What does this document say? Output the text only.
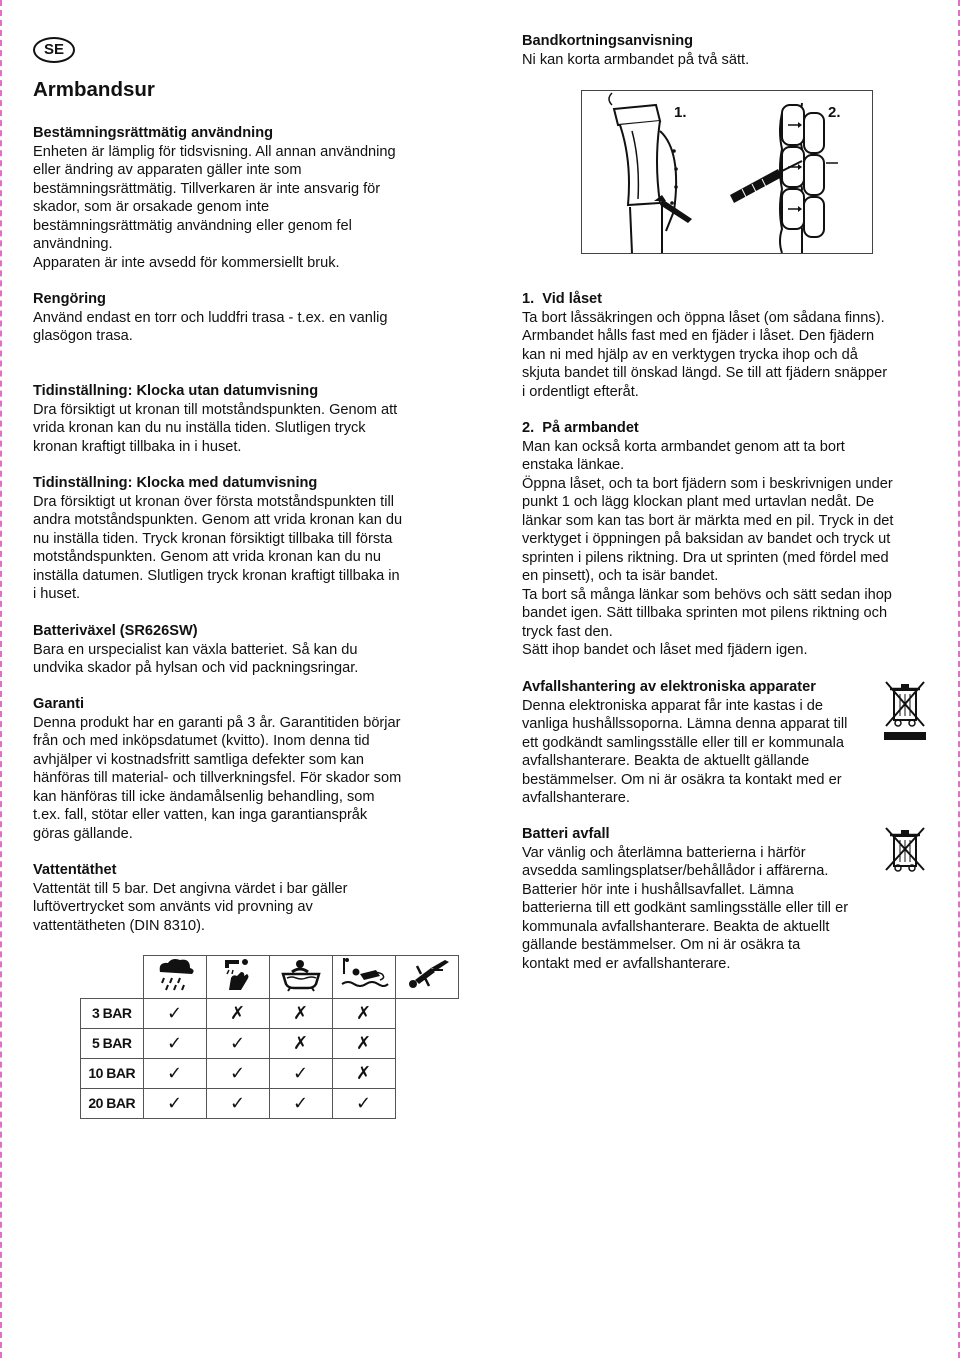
SE
Armbandsur
Bestämningsrättmätig användning

Enheten är lämplig för tidsvisning. All annan användning

eller ändring av apparaten gäller inte som

bestämningsrättmätig. Tillverkaren är inte ansvarig för

skador, som är orsakade genom inte

bestämningsrättmätig användning eller genom fel

användning.

Apparaten är inte avsedd för kommersiellt bruk.

Rengöring

Använd endast en torr och luddfri trasa - t.ex. en vanlig

glasögon trasa.

Tidinställning: Klocka utan datumvisning

Dra försiktigt ut kronan till motståndspunkten. Genom att

vrida kronan kan du nu inställa tiden. Slutligen tryck

kronan kraftigt tillbaka in i huset.

Tidinställning: Klocka med datumvisning

Dra försiktigt ut kronan över första motståndspunkten till

andra motståndspunkten. Genom att vrida kronan kan du

nu inställa tiden. Tryck kronan försiktigt tillbaka till första

motståndspunkten. Genom att vrida kronan kan du nu

inställa datumen. Slutligen tryck kronan kraftigt tillbaka in

i huset.

Batteriväxel (SR626SW)

Bara en urspecialist kan växla batteriet. Så kan du

undvika skador på hylsan och vid packningsringar.

Garanti

Denna produkt har en garanti på 3 år. Garantitiden börjar

från och med inköpsdatumet (kvitto). Inom denna tid

avhjälper vi kostnadsfritt samtliga defekter som kan

hänföras till material- och tillverkningsfel. För skador som

kan hänföras till icke ändamålsenlig behandling, som

t.ex. fall, stötar eller vatten, kan inga garantianspråk

göras gällande.

Vattentäthet

Vattentät till 5 bar. Det angivna värdet i bar gäller

luftövertrycket som använts vid provning av

vattentätheten (DIN 8310).

3 BAR	✓	✗	✗	✗	
5 BAR	✓	✓	✗	✗	
10 BAR	✓	✓	✓	✗	
20 BAR	✓	✓	✓	✓	
Bandkortningsanvisning

Ni kan korta armbandet på två sätt.

1.	2.
1.  Vid låset

Ta bort låssäkringen och öppna låset (om sådana finns).

Armbandet hålls fast med en fjäder i låset. Den fjädern

kan ni med hjälp av en verktygen trycka ihop och då

skjuta bandet till önskad längd. Se till att fjädern snäpper

i ordentligt efteråt.

2.  På armbandet

Man kan också korta armbandet genom att ta bort

enstaka länkae.

Öppna låset, och ta bort fjädern som i beskrivnigen under

punkt 1 och lägg klockan plant med urtavlan nedåt. De

länkar som kan tas bort är märkta med en pil. Tryck in det

verktyget i öppningen på baksidan av bandet och tryck ut

sprinten i pilens riktning. Dra ut sprinten (med fördel med

en pinsett), och ta isär bandet.

Ta bort så många länkar som behövs och sätt sedan ihop

bandet igen. Sätt tillbaka sprinten mot pilens riktning och

tryck fast den.

Sätt ihop bandet och låset med fjädern igen.

Avfallshantering av elektroniska apparater

Denna elektroniska apparat får inte kastas i de

vanliga hushållssoporna. Lämna denna apparat till

ett godkändt samlingsställe eller till er kommunala

avfallshanterare. Beakta de aktuellt gällande

bestämmelser. Om ni är osäkra ta kontakt med er

avfallshanterare.

Batteri avfall

Var vänlig och återlämna batterierna i härför

avsedda samlingsplatser/behållådor i affärerna.

Batterier hör inte i hushållsavfallet. Lämna

batterierna till ett godkänt samlingsställe eller till er

kommunala avfallshanterare. Beakta de aktuellt

gällande bestämmelser. Om ni är osäkra ta

kontakt med er avfallshanterare.
